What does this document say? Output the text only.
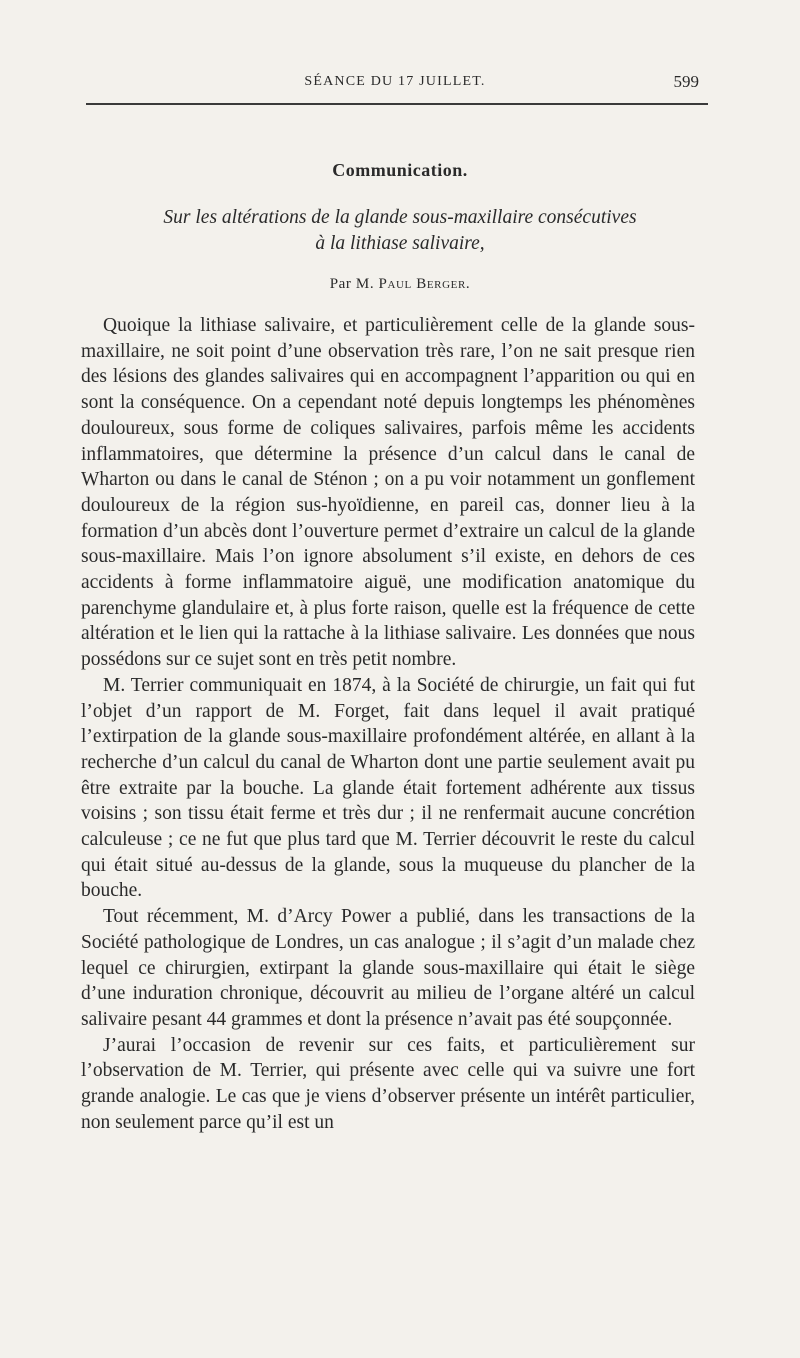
SÉANCE DU 17 JUILLET.	599
Communication.
Sur les altérations de la glande sous-maxillaire consécutives
à la lithiase salivaire,
Par M. Paul Berger.

Quoique la lithiase salivaire, et particulièrement celle de la glande sous-maxillaire, ne soit point d’une observation très rare, l’on ne sait presque rien des lésions des glandes salivaires qui en accompagnent l’apparition ou qui en sont la conséquence. On a cependant noté depuis longtemps les phénomènes douloureux, sous forme de coliques salivaires, parfois même les accidents inflammatoires, que détermine la présence d’un calcul dans le canal de Wharton ou dans le canal de Sténon ; on a pu voir notamment un gonflement douloureux de la région sus-hyoïdienne, en pareil cas, donner lieu à la formation d’un abcès dont l’ouverture permet d’extraire un calcul de la glande sous-maxillaire. Mais l’on ignore absolument s’il existe, en dehors de ces accidents à forme inflammatoire aiguë, une modification anatomique du parenchyme glandulaire et, à plus forte raison, quelle est la fréquence de cette altération et le lien qui la rattache à la lithiase salivaire. Les données que nous possédons sur ce sujet sont en très petit nombre.

M. Terrier communiquait en 1874, à la Société de chirurgie, un fait qui fut l’objet d’un rapport de M. Forget, fait dans lequel il avait pratiqué l’extirpation de la glande sous-maxillaire profondément altérée, en allant à la recherche d’un calcul du canal de Wharton dont une partie seulement avait pu être extraite par la bouche. La glande était fortement adhérente aux tissus voisins ; son tissu était ferme et très dur ; il ne renfermait aucune concrétion calculeuse ; ce ne fut que plus tard que M. Terrier découvrit le reste du calcul qui était situé au-dessus de la glande, sous la muqueuse du plancher de la bouche.

Tout récemment, M. d’Arcy Power a publié, dans les transactions de la Société pathologique de Londres, un cas analogue ; il s’agit d’un malade chez lequel ce chirurgien, extirpant la glande sous-maxillaire qui était le siège d’une induration chronique, découvrit au milieu de l’organe altéré un calcul salivaire pesant 44 grammes et dont la présence n’avait pas été soupçonnée.

J’aurai l’occasion de revenir sur ces faits, et particulièrement sur l’observation de M. Terrier, qui présente avec celle qui va suivre une fort grande analogie. Le cas que je viens d’observer présente un intérêt particulier, non seulement parce qu’il est un
